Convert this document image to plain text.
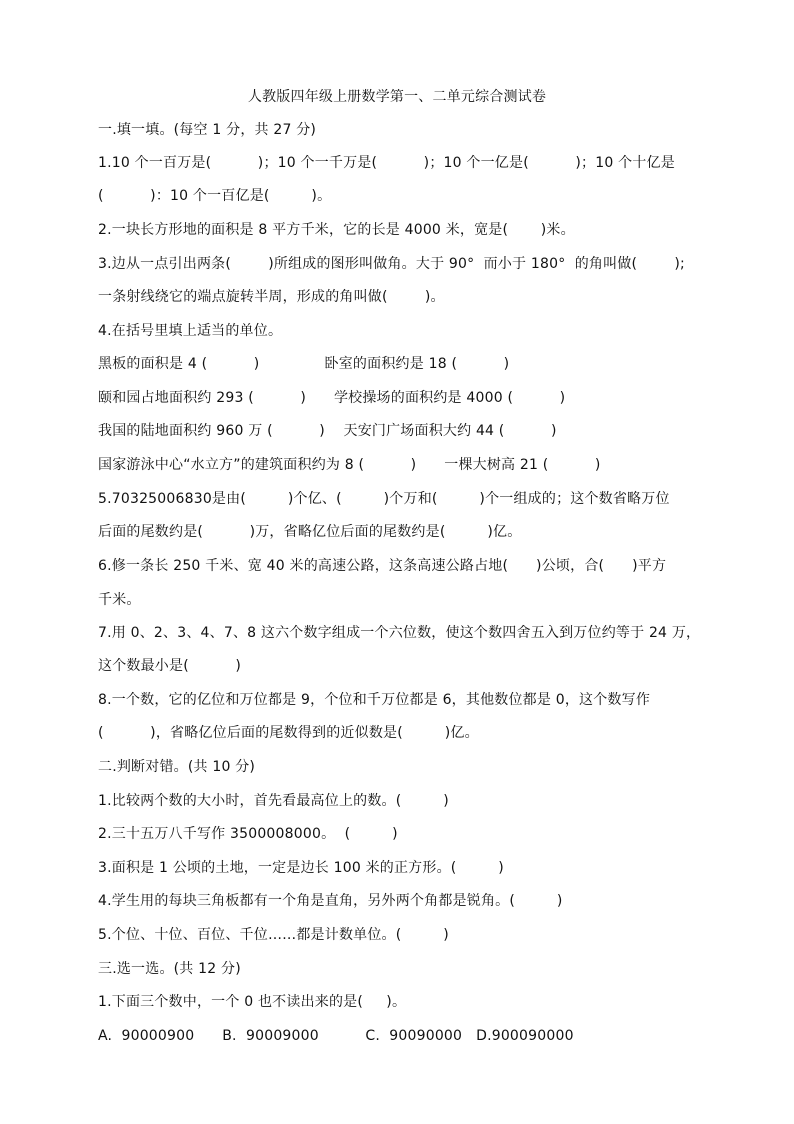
人教版四年级上册数学第一、二单元综合测试卷
一.填一填。(每空 1 分，共 27 分)
1.10 个一百万是(          )；10 个一千万是(          )；10 个一亿是(          )；10 个十亿是
(          )：10 个一百亿是(         )。
2.一块长方形地的面积是 8 平方千米，它的长是 4000 米，宽是(       )米。
3.边从一点引出两条(        )所组成的图形叫做角。大于 90°  而小于 180°  的角叫做(        );
一条射线绕它的端点旋转半周，形成的角叫做(        )。
4.在括号里填上适当的单位。
黑板的面积是 4 (          )              卧室的面积约是 18 (          )
颐和园占地面积约 293 (          )      学校操场的面积约是 4000 (          )
我国的陆地面积约 960 万 (          )    天安门广场面积大约 44 (          )
国家游泳中心“水立方”的建筑面积约为 8 (          )      一棵大树高 21 (          )
5.70325006830是由(         )个亿、(         )个万和(         )个一组成的；这个数省略万位
后面的尾数约是(          )万，省略亿位后面的尾数约是(         )亿。
6.修一条长 250 千米、宽 40 米的高速公路，这条高速公路占地(      )公顷，合(      )平方
千米。
7.用 0、2、3、4、7、8 这六个数字组成一个六位数，使这个数四舍五入到万位约等于 24 万，
这个数最小是(          )
8.一个数，它的亿位和万位都是 9，个位和千万位都是 6，其他数位都是 0，这个数写作
(          )，省略亿位后面的尾数得到的近似数是(         )亿。
二.判断对错。(共 10 分)
1.比较两个数的大小时，首先看最高位上的数。(         )
2.三十五万八千写作 3500008000。  (         )
3.面积是 1 公顷的土地，一定是边长 100 米的正方形。(         )
4.学生用的每块三角板都有一个角是直角，另外两个角都是锐角。(         )
5.个位、十位、百位、千位……都是计数单位。(         )
三.选一选。(共 12 分)
1.下面三个数中，一个 0 也不读出来的是(     )。
A.  90000900      B.  90009000          C.  90090000   D.900090000
